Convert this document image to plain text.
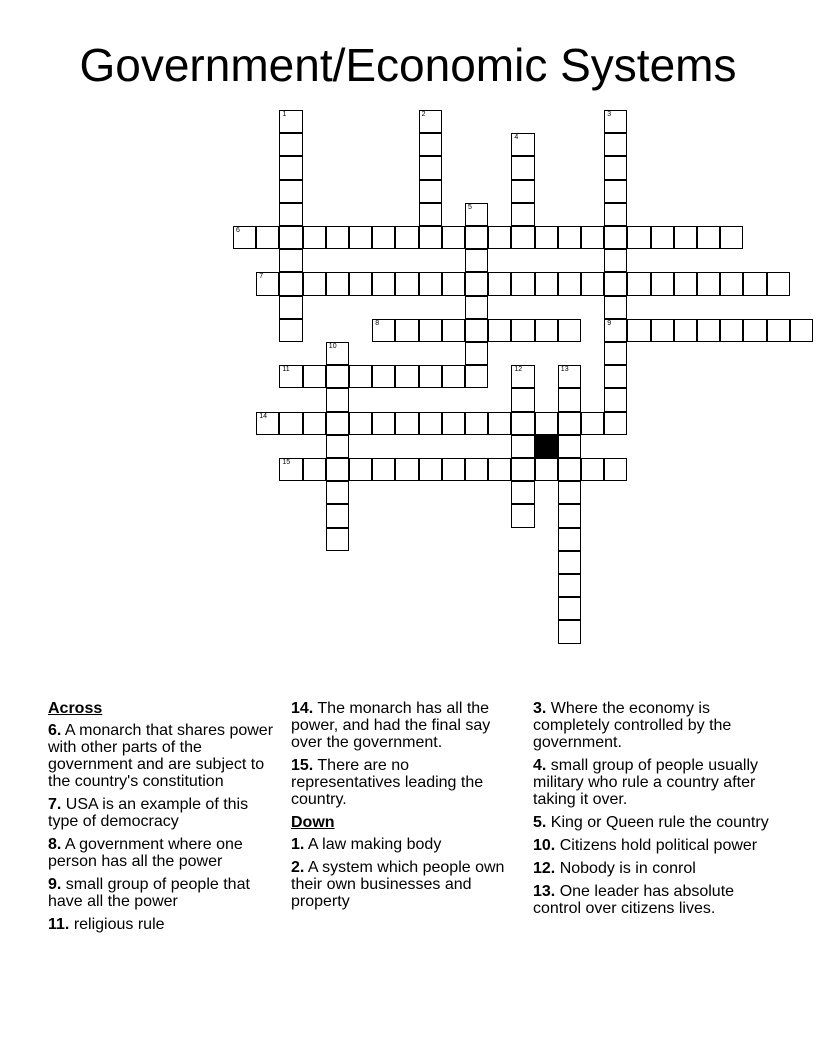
Government/Economic Systems
1	2	3
4
5
6
7
8	9
10
11	12	13
14
15
Across
6. A monarch that shares power with other parts of the government and are subject to the country's constitution
7. USA is an example of this type of democracy
8. A government where one person has all the power
9. small group of people that have all the power
11. religious rule
14. The monarch has all the power, and had the final say over the government.
15. There are no representatives leading the country.
Down
1. A law making body
2. A system which people own their own businesses and property
3. Where the economy is completely controlled by the government.
4. small group of people usually military who rule a country after taking it over.
5. King or Queen rule the country
10. Citizens hold political power
12. Nobody is in conrol
13. One leader has absolute control over citizens lives.
